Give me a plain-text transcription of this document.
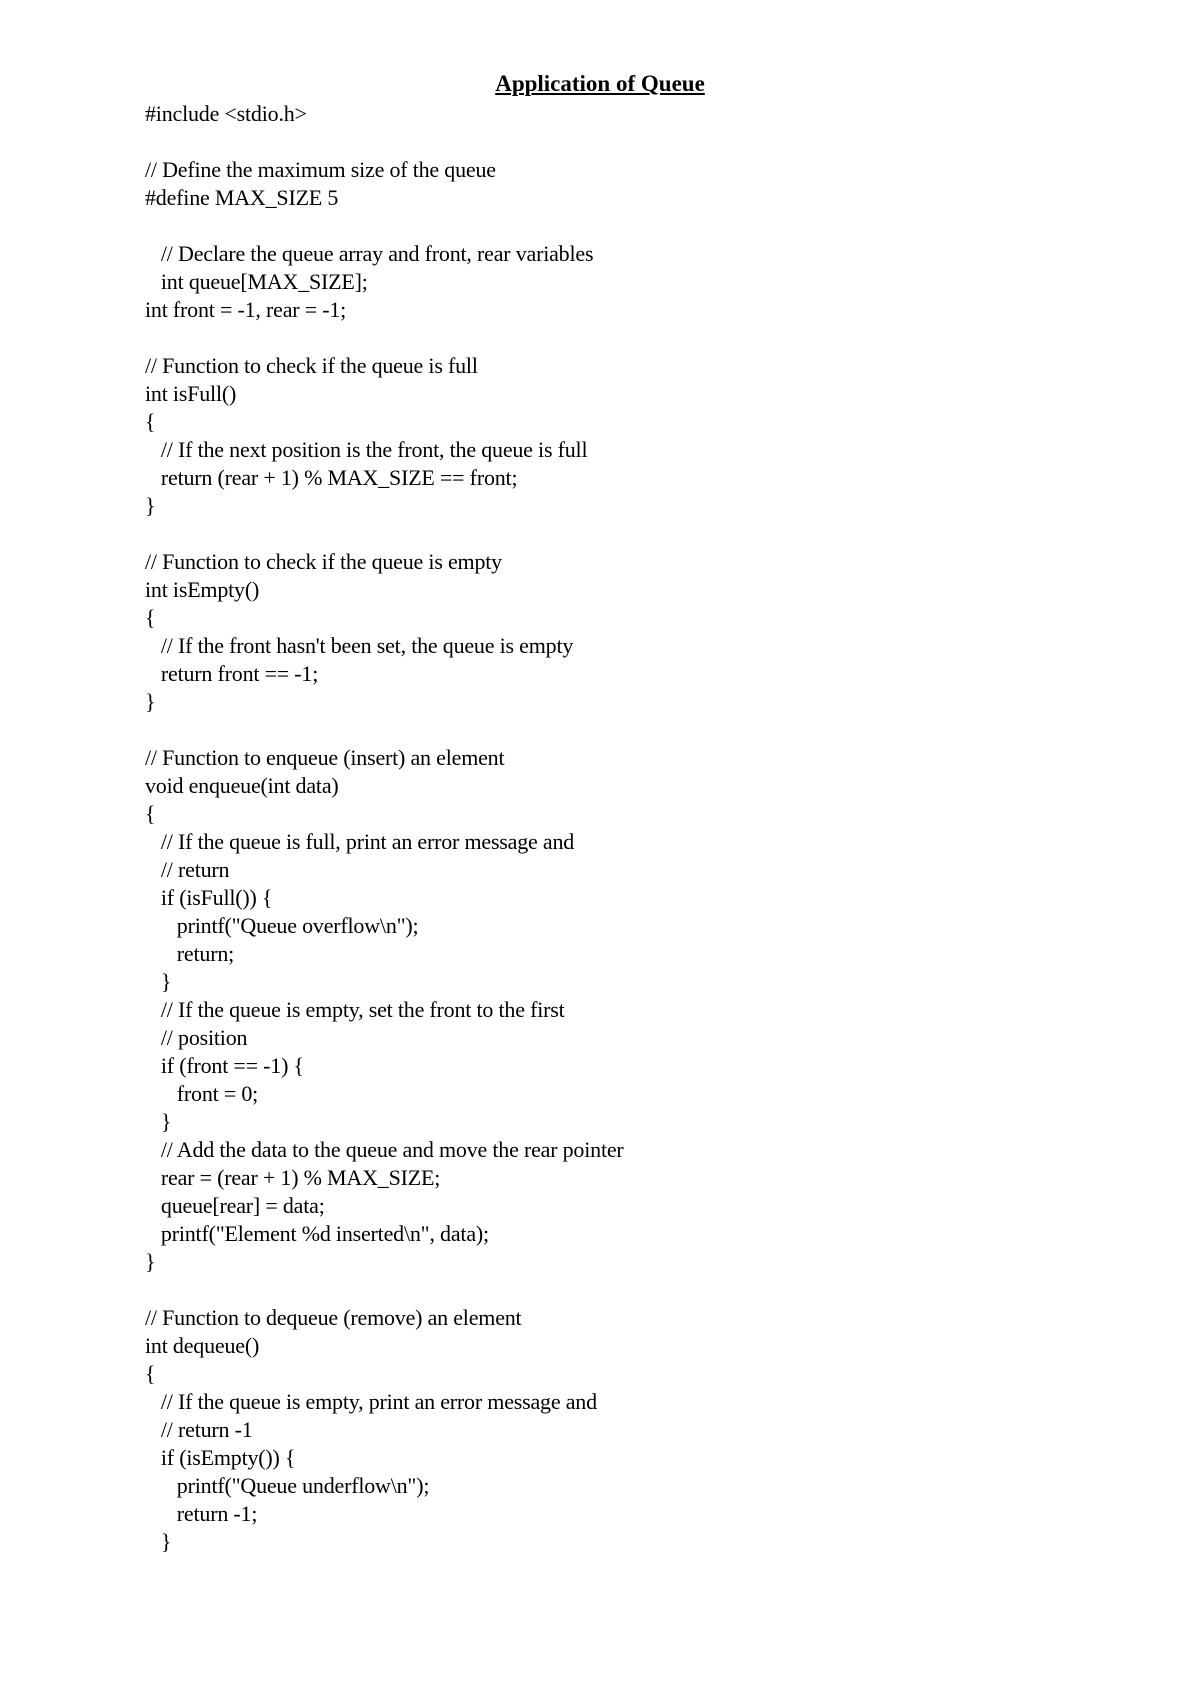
Application of Queue
#include <stdio.h>
// Define the maximum size of the queue
#define MAX_SIZE 5
// Declare the queue array and front, rear variables
int queue[MAX_SIZE];
int front = -1, rear = -1;
// Function to check if the queue is full
int isFull()
{
// If the next position is the front, the queue is full
return (rear + 1) % MAX_SIZE == front;
}
// Function to check if the queue is empty
int isEmpty()
{
// If the front hasn't been set, the queue is empty
return front == -1;
}
// Function to enqueue (insert) an element
void enqueue(int data)
{
// If the queue is full, print an error message and
// return
if (isFull()) {
printf("Queue overflow\n");
return;
}
// If the queue is empty, set the front to the first
// position
if (front == -1) {
front = 0;
}
// Add the data to the queue and move the rear pointer
rear = (rear + 1) % MAX_SIZE;
queue[rear] = data;
printf("Element %d inserted\n", data);
}
// Function to dequeue (remove) an element
int dequeue()
{
// If the queue is empty, print an error message and
// return -1
if (isEmpty()) {
printf("Queue underflow\n");
return -1;
}
